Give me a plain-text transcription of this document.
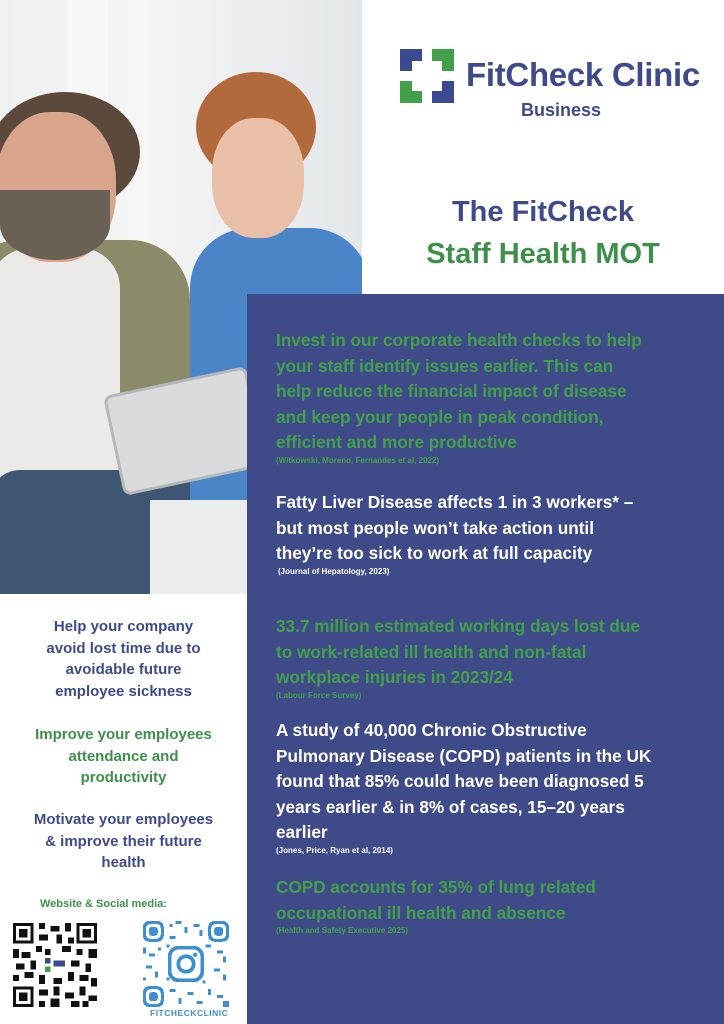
FitCheck Clinic
Business
The FitCheck
Staff Health MOT
Invest in our corporate health checks to help
your staff identify issues earlier. This can
help reduce the financial impact of disease
and keep your people in peak condition,
efficient and more productive
(Witkowski, Moreno, Fernandes et al, 2022)
Fatty Liver Disease affects 1 in 3 workers* –
but most people won’t take action until
they’re too sick to work at full capacity
(Journal of Hepatology, 2023)
33.7 million estimated working days lost due
to work-related ill health and non-fatal
workplace injuries in 2023/24
(Labour Force Survey)
A study of 40,000 Chronic Obstructive
Pulmonary Disease (COPD) patients in the UK
found that 85% could have been diagnosed 5
years earlier & in 8% of cases, 15–20 years
earlier
(Jones, Price, Ryan et al, 2014)
COPD accounts for 35% of lung related
occupational ill health and absence
(Health and Safety Executive 2025)
Help your company
avoid lost time due to
avoidable future
employee sickness
Improve your employees
attendance and
productivity
Motivate your employees
& improve their future
health
Website & Social media:
FITCHECKCLINIC
